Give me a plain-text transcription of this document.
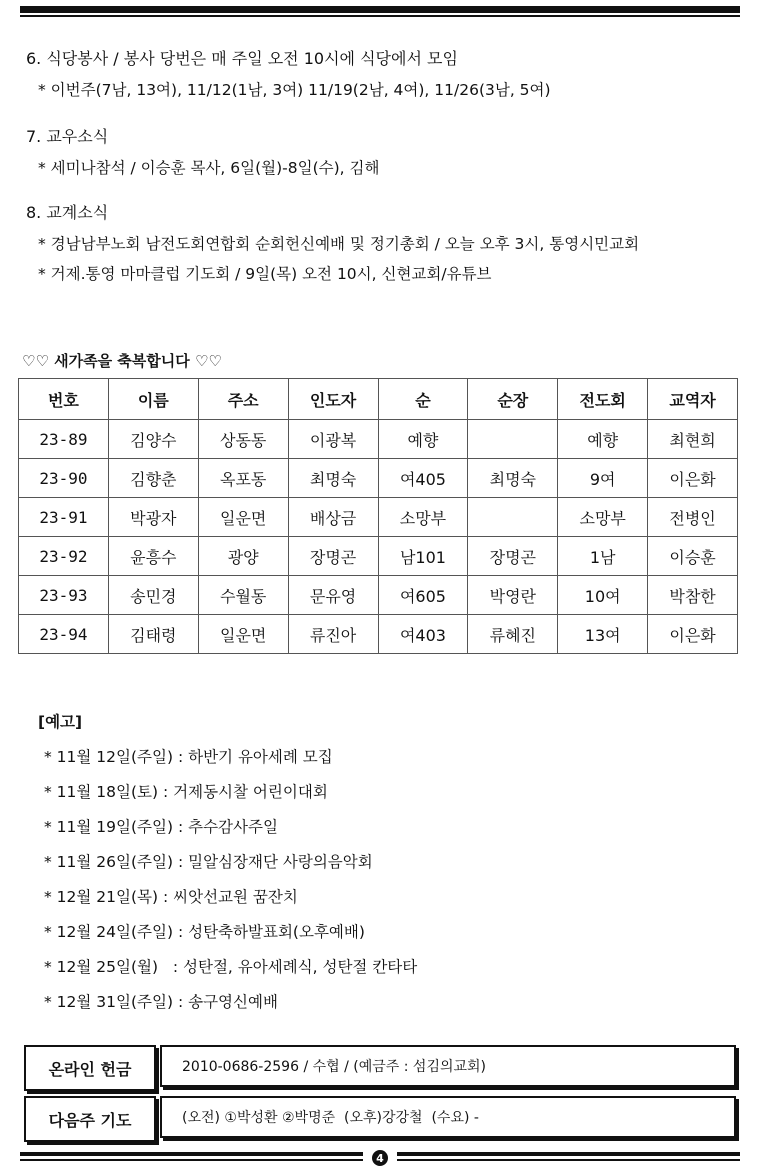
6. 식당봉사 / 봉사 당번은 매 주일 오전 10시에 식당에서 모임
* 이번주(7남, 13여), 11/12(1남, 3여) 11/19(2남, 4여), 11/26(3남, 5여)
7. 교우소식
* 세미나참석 / 이승훈 목사, 6일(월)-8일(수), 김해
8. 교계소식
* 경남남부노회 남전도회연합회 순회헌신예배 및 정기총회 / 오늘 오후 3시, 통영시민교회
* 거제.통영 마마클럽 기도회 / 9일(목) 오전 10시, 신현교회/유튜브
♡♡ 새가족을 축복합니다 ♡♡
번호	이름	주소	인도자	순	순장	전도회	교역자
23-89	김양수	상동동	이광복	예향		예향	최현희
23-90	김향춘	옥포동	최명숙	여405	최명숙	9여	이은화
23-91	박광자	일운면	배상금	소망부		소망부	전병인
23-92	윤흥수	광양	장명곤	남101	장명곤	1남	이승훈
23-93	송민경	수월동	문유영	여605	박영란	10여	박참한
23-94	김태령	일운면	류진아	여403	류혜진	13여	이은화
[예고]
* 11월 12일(주일) : 하반기 유아세례 모집
* 11월 18일(토) : 거제동시찰 어린이대회
* 11월 19일(주일) : 추수감사주일
* 11월 26일(주일) : 밀알심장재단 사랑의음악회
* 12월 21일(목) : 씨앗선교원 꿈잔치
* 12월 24일(주일) : 성탄축하발표회(오후예배)
* 12월 25일(월)   : 성탄절, 유아세례식, 성탄절 칸타타
* 12월 31일(주일) : 송구영신예배
온라인 헌금	2010-0686-2596 / 수협 / (예금주 : 섬김의교회)
다음주 기도	(오전) ①박성환 ②박명준  (오후)강강철  (수요) -
4
